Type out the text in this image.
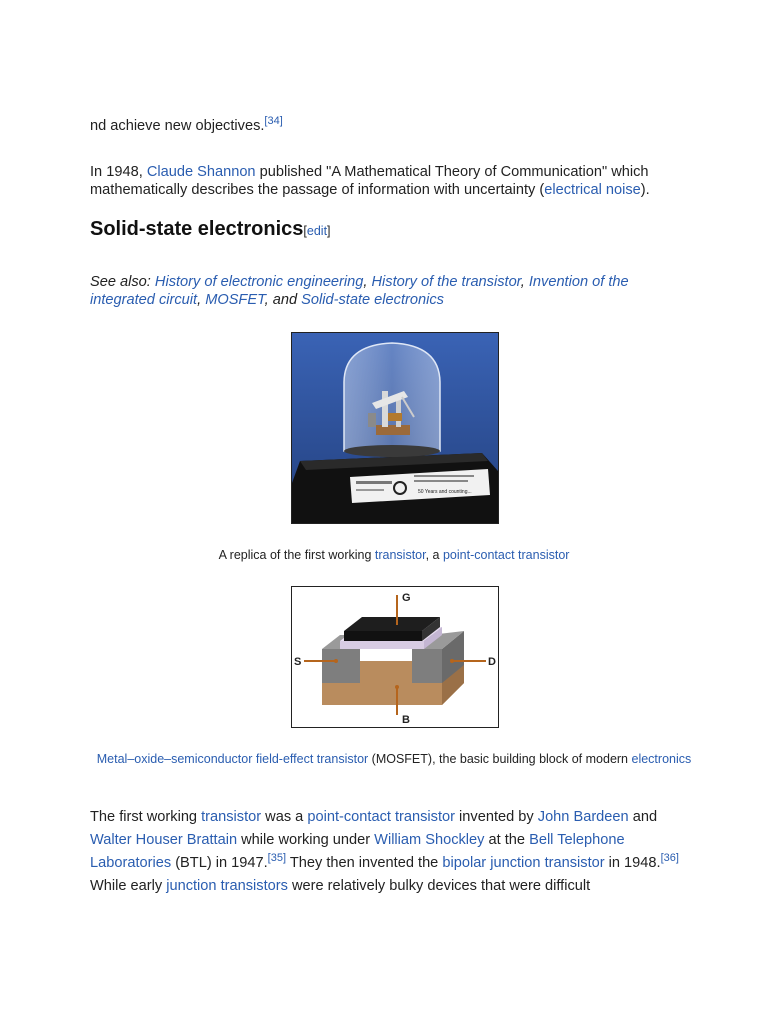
nd achieve new objectives.[34]

In 1948, Claude Shannon published "A Mathematical Theory of Communication" which mathematically describes the passage of information with uncertainty (electrical noise).

Solid-state electronics[edit]
See also: History of electronic engineering, History of the transistor, Invention of the integrated circuit, MOSFET, and Solid-state electronics
50 Years and counting...
A replica of the first working transistor, a point-contact transistor
G
S	D
B
Metal–oxide–semiconductor field-effect transistor (MOSFET), the basic building block of modern electronics

The first working transistor was a point-contact transistor invented by John Bardeen and Walter Houser Brattain while working under William Shockley at the Bell Telephone Laboratories (BTL) in 1947.[35] They then invented the bipolar junction transistor in 1948.[36] While early junction transistors were relatively bulky devices that were difficult
